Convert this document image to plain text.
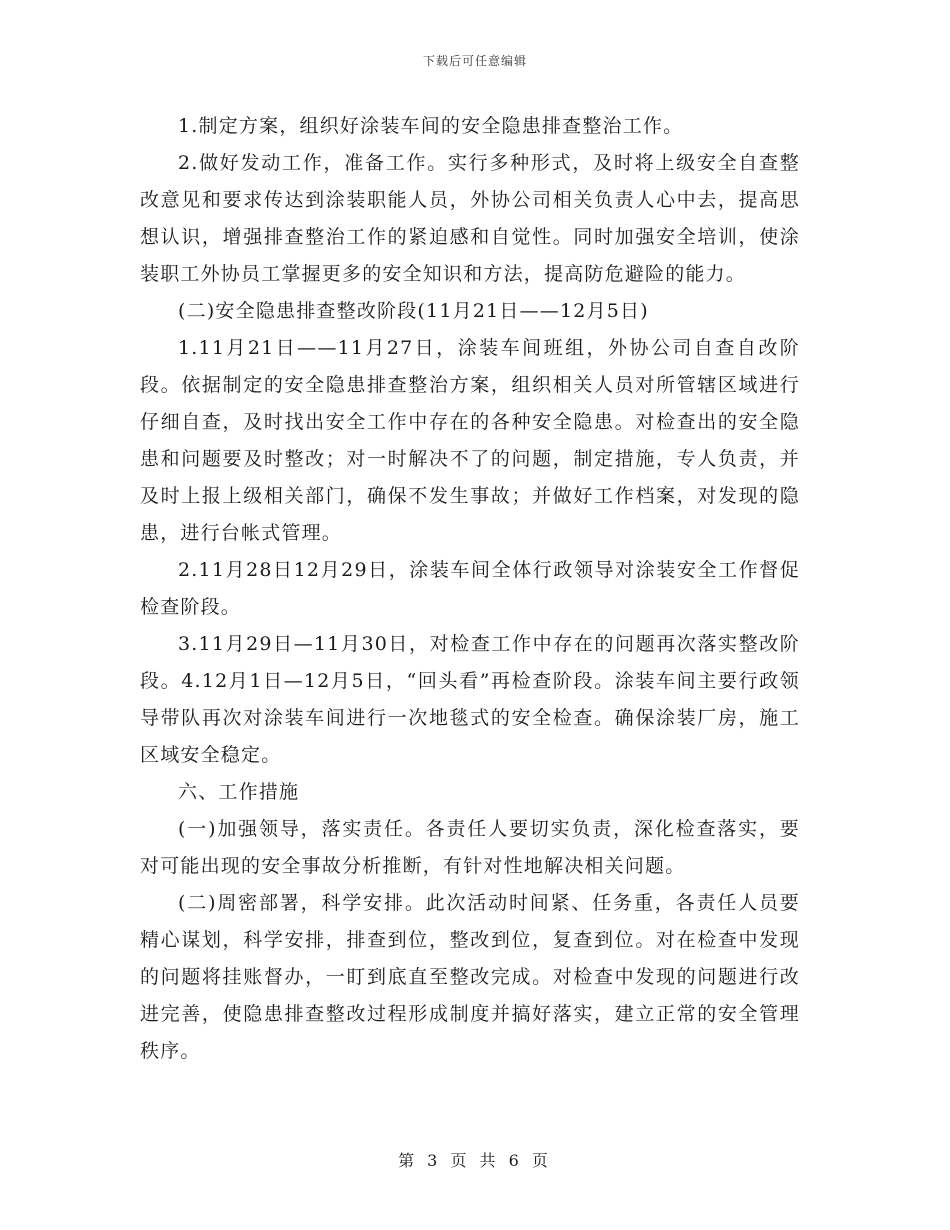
下载后可任意编辑

1.制定方案，组织好涂装车间的安全隐患排查整治工作。

2.做好发动工作，准备工作。实行多种形式，及时将上级安全自查整改意见和要求传达到涂装职能人员，外协公司相关负责人心中去，提高思想认识，增强排查整治工作的紧迫感和自觉性。同时加强安全培训，使涂装职工外协员工掌握更多的安全知识和方法，提高防危避险的能力。

(二)安全隐患排查整改阶段(11月21日——12月5日)

1.11月21日——11月27日，涂装车间班组，外协公司自查自改阶段。依据制定的安全隐患排查整治方案，组织相关人员对所管辖区域进行仔细自查，及时找出安全工作中存在的各种安全隐患。对检查出的安全隐患和问题要及时整改；对一时解决不了的问题，制定措施，专人负责，并及时上报上级相关部门，确保不发生事故；并做好工作档案，对发现的隐患，进行台帐式管理。

2.11月28日12月29日，涂装车间全体行政领导对涂装安全工作督促检查阶段。

3.11月29日—11月30日，对检查工作中存在的问题再次落实整改阶段。4.12月1日—12月5日，“回头看”再检查阶段。涂装车间主要行政领导带队再次对涂装车间进行一次地毯式的安全检查。确保涂装厂房，施工区域安全稳定。

六、工作措施

(一)加强领导，落实责任。各责任人要切实负责，深化检查落实，要对可能出现的安全事故分析推断，有针对性地解决相关问题。

(二)周密部署，科学安排。此次活动时间紧、任务重，各责任人员要精心谋划，科学安排，排查到位，整改到位，复查到位。对在检查中发现的问题将挂账督办，一盯到底直至整改完成。对检查中发现的问题进行改进完善，使隐患排查整改过程形成制度并搞好落实，建立正常的安全管理秩序。

第 3 页 共 6 页
